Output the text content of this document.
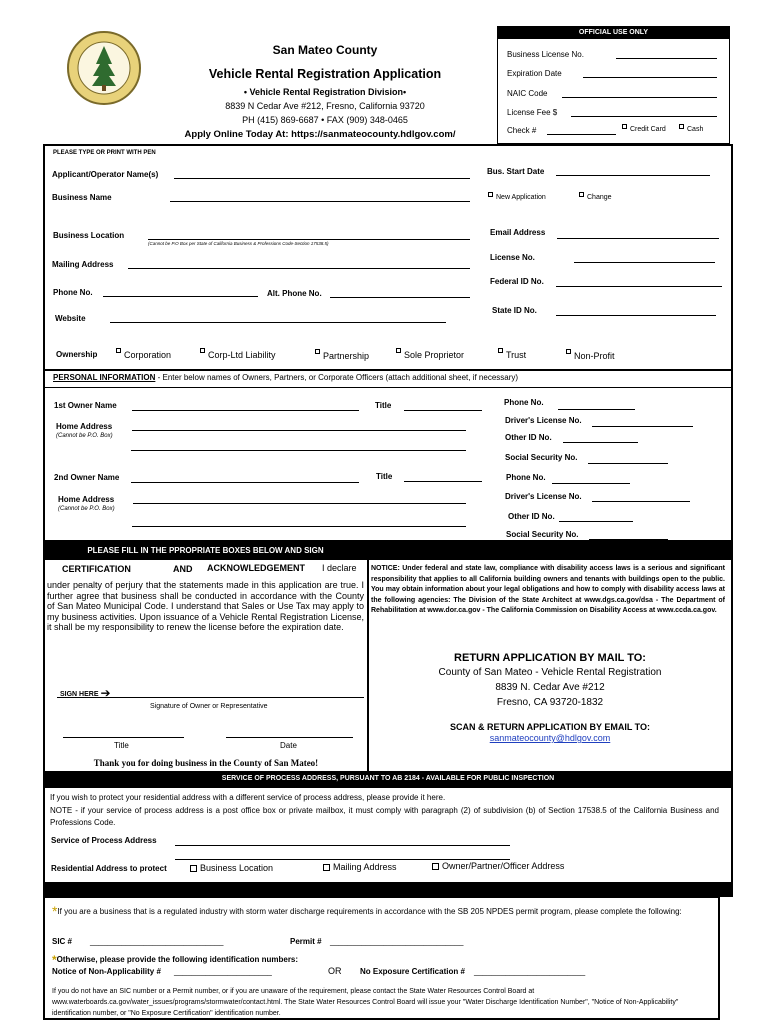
San Mateo County
Vehicle Rental Registration Application
• Vehicle Rental Registration Division•
8839 N Cedar Ave #212, Fresno, California 93720
PH (415) 869-6687 • FAX (909) 348-0465
Apply Online Today At: https://sanmateocounty.hdlgov.com/
OFFICIAL USE ONLY
Business License No.
Expiration Date
NAIC Code
License Fee $
Check #	Credit Card	Cash
PLEASE TYPE OR PRINT WITH PEN
Applicant/Operator Name(s)	Bus. Start Date
Business Name	New Application	Change
Business Location
(Cannot be P.O Box per State of California Business & Professions Code-Section 17538.5)
Email Address
Mailing Address
License No.
Federal ID No.
Phone No.	Alt. Phone No.
State ID No.
Website
Ownership	Corporation	Corp-Ltd Liability	Partnership	Sole Proprietor	Trust	Non-Profit
PERSONAL INFORMATION - Enter below names of Owners, Partners, or Corporate Officers (attach additional sheet, if necessary)
1st Owner Name	Title	Phone No.
Driver's License No.
Home Address
(Cannot be P.O. Box)	Other ID No.
Social Security No.
2nd Owner Name	Title	Phone No.
Driver's License No.
Home Address
(Cannot be P.O. Box)
Other ID No.
Social Security No.
PLEASE FILL IN THE PPROPRIATE BOXES BELOW AND SIGN
CERTIFICATION	AND ACKNOWLEDGEMENT I declare
under penalty of perjury that the statements made in this application are true. I further agree that business shall be conducted in accordance with the County of San Mateo Municipal Code. I understand that Sales or Use Tax may apply to my business activities. Upon issuance of a Vehicle Rental Registration License, it shall be my responsibility to renew the license before the expiration date.
SIGN HERE ➔
Signature of Owner or Representative
Title	Date
Thank you for doing business in the County of San Mateo!
NOTICE: Under federal and state law, compliance with disability access laws is a serious and significant responsibility that applies to all California building owners and tenants with buildings open to the public. You may obtain information about your legal obligations and how to comply with disability access laws at the following agencies: The Division of the State Architect at www.dgs.ca.gov/dsa - The Department of Rehabilitation at www.dor.ca.gov - The California Commission on Disability Access at www.ccda.ca.gov.
RETURN APPLICATION BY MAIL TO:
County of San Mateo - Vehicle Rental Registration
8839 N. Cedar Ave #212
Fresno, CA 93720-1832
SCAN & RETURN APPLICATION BY EMAIL TO:
sanmateocounty@hdlgov.com
SERVICE OF PROCESS ADDRESS, PURSUANT TO AB 2184 - AVAILABLE FOR PUBLIC INSPECTION
If you wish to protect your residential address with a different service of process address, please provide it here.
NOTE - if your service of process address is a post office box or private mailbox, it must comply with paragraph (2) of subdivision (b) of Section 17538.5 of the California Business and Professions Code.
Service of Process Address
Residential Address to protect	Business Location	Mailing Address	Owner/Partner/Officer Address
*If you are a business that is a regulated industry with storm water discharge requirements in accordance with the SB 205 NPDES permit program, please complete the following:
SIC # ______________________________	Permit # ______________________________
*Otherwise, please provide the following identification numbers:
Notice of Non-Applicability # ______________________	OR No Exposure Certification # _________________________
If you do not have an SIC number or a Permit number, or if you are unaware of the requirement, please contact the State Water Resources Control Board at www.waterboards.ca.gov/water_issues/programs/stormwater/contact.html. The State Water Resources Control Board will issue your "Water Discharge Identification Number", "Notice of Non-Applicability" identification number, or "No Exposure Certification" identification number.
